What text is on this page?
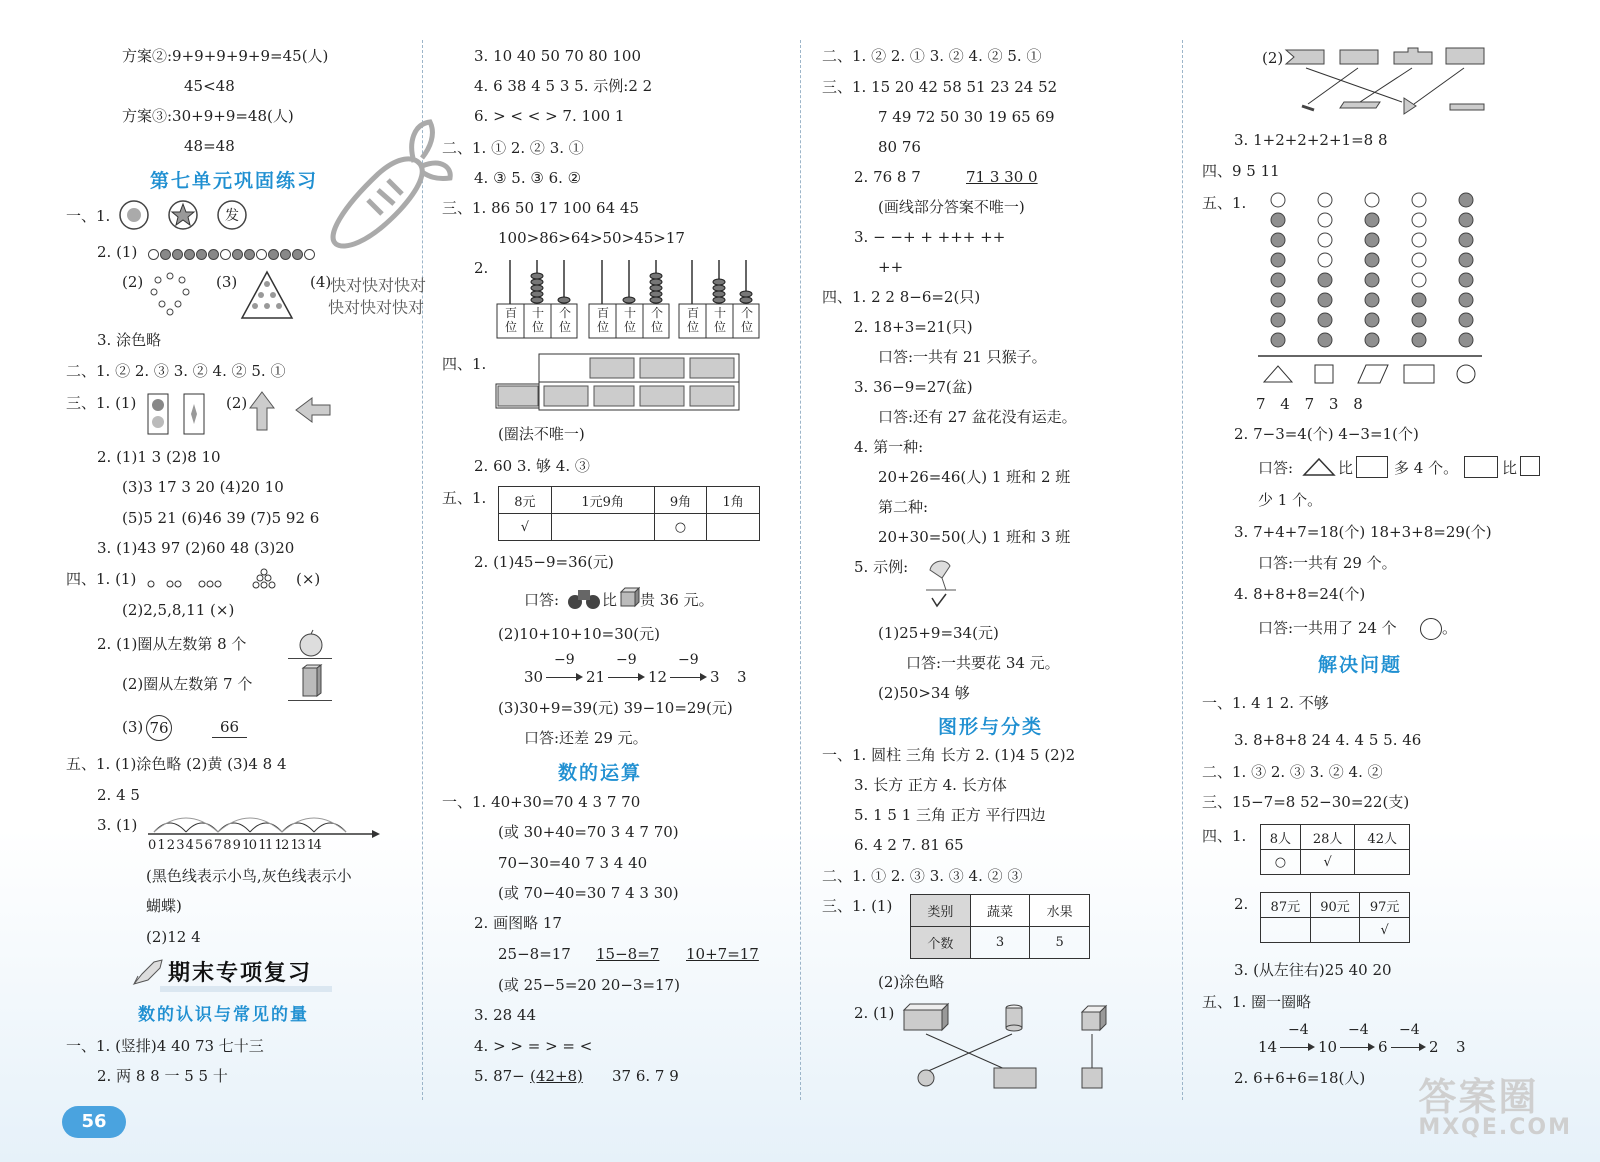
方案②:9+9+9+9+9=45(人)
45<48
方案③:30+9+9=48(人)
48=48
第七单元巩固练习
一、1.	发
2. (1)
(2)	(3)	(4)
3. 涂色略
二、1. ② 2. ③ 3. ② 4. ② 5. ①
三、1. (1)	(2)
2. (1)1 3 (2)8 10
(3)3 17 3 20 (4)20 10
(5)5 21 (6)46 39 (7)5 92 6
3. (1)43 97 (2)60 48 (3)20
四、1. (1)	(×)
(2)2,5,8,11 (×)
2. (1)圈从左数第 8 个
(2)圈从左数第 7 个
(3) 76	66
五、1. (1)涂色略 (2)黄 (3)4 8 4
2. 4 5
3. (1)
0 1 2 3 4 5 6 7 8 9 10 11 12 13 14
(黑色线表示小鸟,灰色线表示小
蝴蝶)
(2)12 4
期末专项复习
数的认识与常见的量
一、1. (竖排)4 40 73 七十三
2. 两 8 8 一 5 5 十
快对快对快对
快对快对快对
3. 10 40 50 70 80 100
4. 6 38 4 5 3 5. 示例:2 2
6. > < < > 7. 100 1
二、1. ① 2. ② 3. ①
4. ③ 5. ③ 6. ②
三、1. 86 50 17 100 64 45
100>86>64>50>45>17
2.
百位
十位
个位
百位
十位
个位
百位
十位
个位
四、1.
(圈法不唯一)
2. 60 3. 够 4. ③
五、1. 8元	1元9角	9角	1角
√		○	
2. (1)45−9=36(元)
口答:	比 贵 36 元。
(2)10+10+10=30(元)
30
−9
21
−9
12
−9
3 3
(3)30+9=39(元) 39−10=29(元)
口答:还差 29 元。
数的运算
一、1. 40+30=70 4 3 7 70
(或 30+40=70 3 4 7 70)
70−30=40 7 3 4 40
(或 70−40=30 7 4 3 30)
2. 画图略 17
25−8=17 15−8=7 10+7=17
(或 25−5=20 20−3=17)
3. 28 44
4. > > = > = <
5. 87− (42+8) 37 6. 7 9
二、1. ② 2. ① 3. ② 4. ② 5. ①
三、1. 15 20 42 58 51 23 24 52
7 49 72 50 30 19 65 69
80 76
2. 76 8 7	71 3 30 0
(画线部分答案不唯一)
3. − −+ + +++ ++
++
四、1. 2 2 8−6=2(只)
2. 18+3=21(只)
口答:一共有 21 只猴子。
3. 36−9=27(盆)
口答:还有 27 盆花没有运走。
4. 第一种:
20+26=46(人) 1 班和 2 班
第二种:
20+30=50(人) 1 班和 3 班
5. 示例:
(1)25+9=34(元)
口答:一共要花 34 元。
(2)50>34 够
图形与分类
一、1. 圆柱 三角 长方 2. (1)4 5 (2)2
3. 长方 正方 4. 长方体
5. 1 5 1 三角 正方 平行四边
6. 4 2 7. 81 65
二、1. ① 2. ③ 3. ③ 4. ② ③
三、1. (1)	类别	蔬菜	水果
个数	3	5
(2)涂色略
2. (1)
(2)
3. 1+2+2+2+1=8 8
四、9 5 11
五、1.
7 4 7 3 8
2. 7−3=4(个) 4−3=1(个)
口答:	比	多 4 个。	比
少 1 个。
3. 7+4+7=18(个) 18+3+8=29(个)
口答:一共有 29 个。
4. 8+8+8=24(个)
口答:一共用了 24 个	。
解决问题
一、1. 4 1 2. 不够
3. 8+8+8 24 4. 4 5 5. 46
二、1. ③ 2. ③ 3. ② 4. ②
三、15−7=8 52−30=22(支)
四、1. 8人	28人	42人
○	√	
2. 87元	90元	97元
		√
3. (从左往右)25 40 20
五、1. 圈一圈略
14
−4
10
−4
6
−4
2 3
2. 6+6+6=18(人)
56
答案圈
MXQE.COM
